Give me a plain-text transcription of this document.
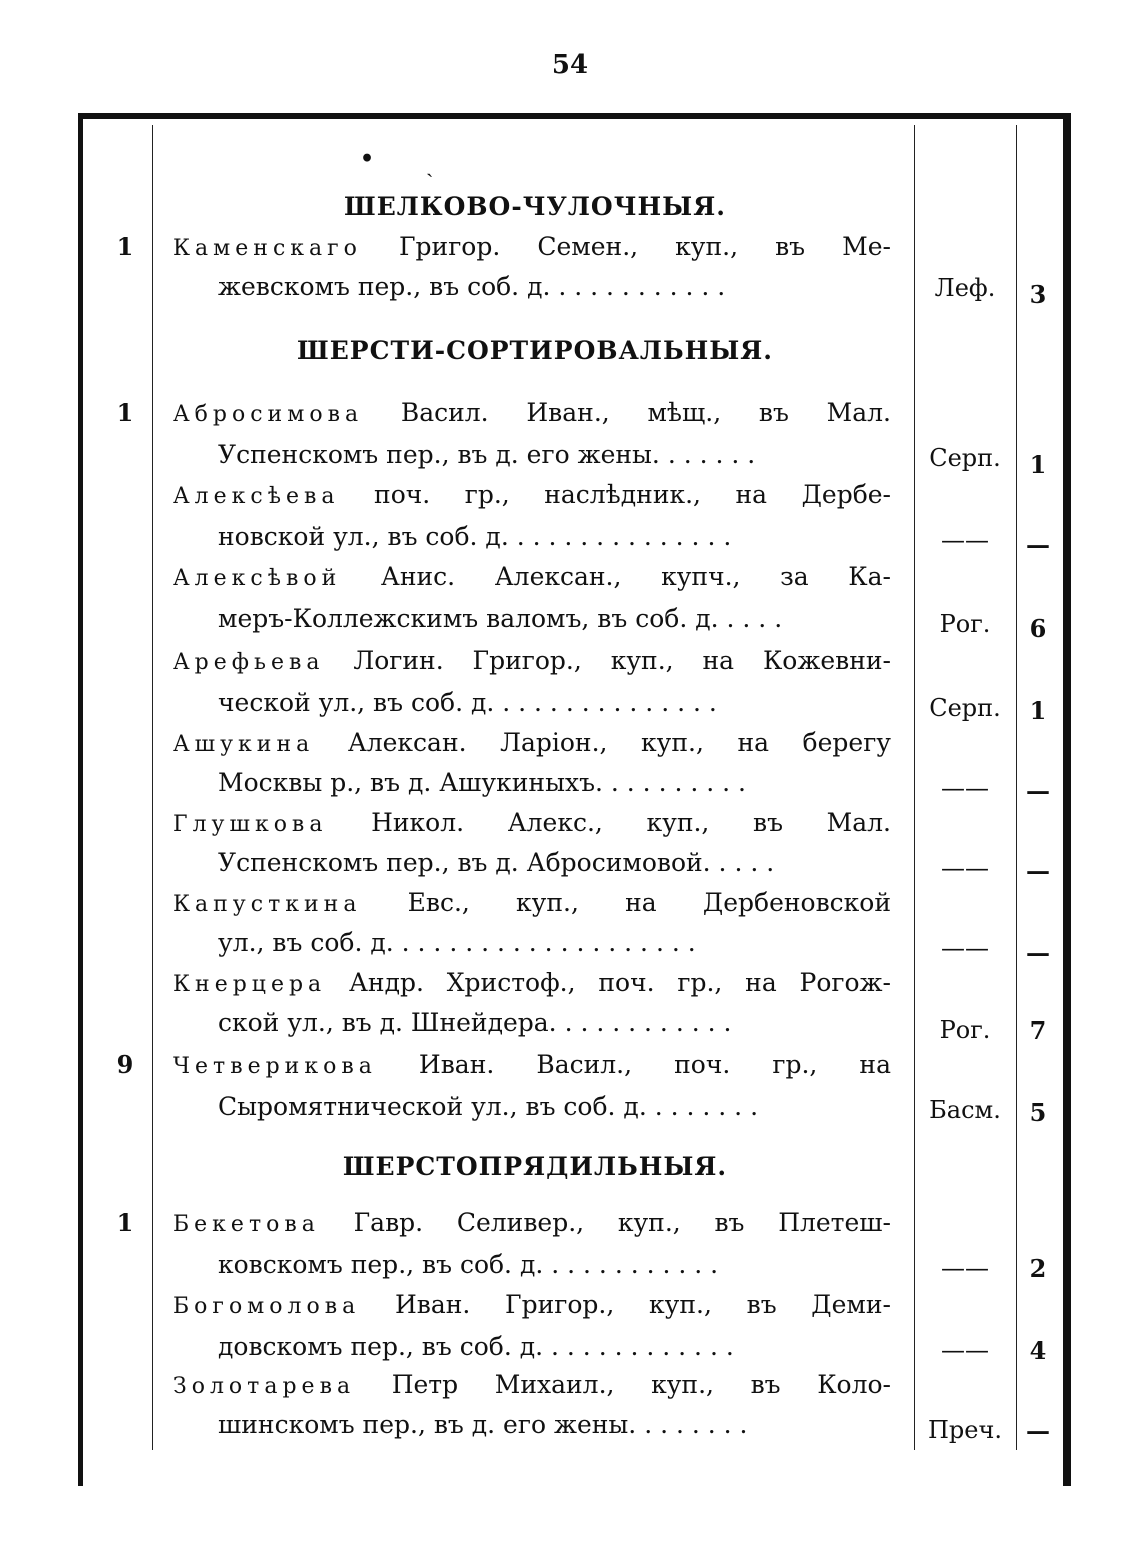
54
• ˎ
ШЕЛКОВО-ЧУЛОЧНЫЯ.
1	Каменскаго Григор. Семен., куп., въ Ме-
жевскомъ пер., въ соб. д. . . . . . . . . . . .	Леф.	3
ШЕРСТИ-СОРТИРОВАЛЬНЫЯ.
1	Абросимова Васил. Иван., мѣщ., въ Мал.
Успенскомъ пер., въ д. его жены. . . . . . .	Серп.	1
Алексѣева поч. гр., наслѣдник., на Дербе-
новской ул., въ соб. д. . . . . . . . . . . . . . .	——	—
Алексѣвой Анис. Алексан., купч., за Ка-
меръ-Коллежскимъ валомъ, въ соб. д. . . . .	Рог.	6
Арефьева Логин. Григор., куп., на Кожевни-
ческой ул., въ соб. д. . . . . . . . . . . . . . .	Серп.	1
Ашукина Алексан. Ларіон., куп., на берегу
Москвы р., въ д. Ашукиныхъ. . . . . . . . . .	——	—
Глушкова Никол. Алекс., куп., въ Мал.
Успенскомъ пер., въ д. Аброcимовой. . . . .	——	—
Капусткина Евс., куп., на Дербеновской
ул., въ соб. д. . . . . . . . . . . . . . . . . . . .	——	—
Кнерцера Андр. Христоф., поч. гр., на Рогож-
ской ул., въ д. Шнейдера. . . . . . . . . . . .	Рог.	7
9	Четверикова Иван. Васил., поч. гр., на
Сыромятнической ул., въ соб. д. . . . . . . .	Басм.	5
ШЕРСТОПРЯДИЛЬНЫЯ.
1	Бекетова Гавр. Селивер., куп., въ Плетеш-
ковскомъ пер., въ соб. д. . . . . . . . . . . .	——	2
Богомолова Иван. Григор., куп., въ Деми-
довскомъ пер., въ соб. д. . . . . . . . . . . . .	——	4
Золотарева Петр Михаил., куп., въ Коло-
шинскомъ пер., въ д. его жены. . . . . . . .	Преч.	—
